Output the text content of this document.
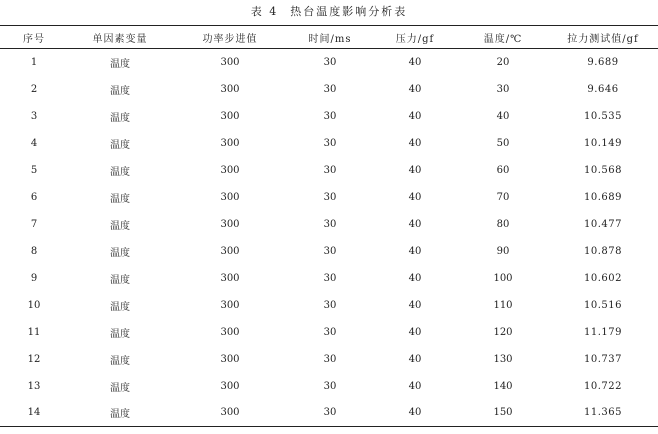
表 4 热台温度影响分析表
序号	单因素变量	功率步进值	时间/ms	压力/gf	温度/℃	拉力测试值/gf
1	温度	300	30	40	20	9.689
2	温度	300	30	40	30	9.646
3	温度	300	30	40	40	10.535
4	温度	300	30	40	50	10.149
5	温度	300	30	40	60	10.568
6	温度	300	30	40	70	10.689
7	温度	300	30	40	80	10.477
8	温度	300	30	40	90	10.878
9	温度	300	30	40	100	10.602
10	温度	300	30	40	110	10.516
11	温度	300	30	40	120	11.179
12	温度	300	30	40	130	10.737
13	温度	300	30	40	140	10.722
14	温度	300	30	40	150	11.365
